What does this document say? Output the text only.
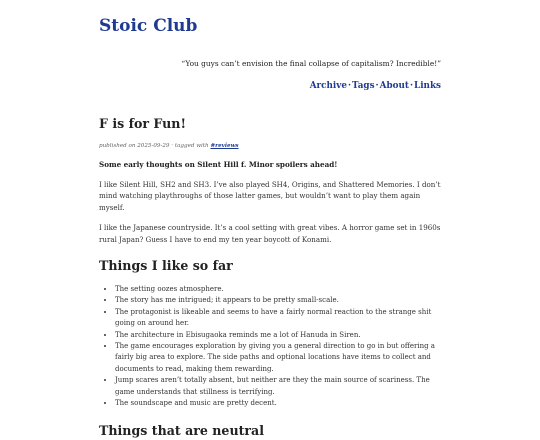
Stoic Club
“You guys can’t envision the final collapse of capitalism? Incredible!”
Archive·Tags·About·Links
F is for Fun!
published on 2025-09-29 · tagged with #reviews
Some early thoughts on Silent Hill f. Minor spoilers ahead!

I like Silent Hill, SH2 and SH3. I’ve also played SH4, Origins, and Shattered Memories. I don’t mind watching playthroughs of those latter games, but wouldn’t want to play them again myself.

I like the Japanese countryside. It’s a cool setting with great vibes. A horror game set in 1960s rural Japan? Guess I have to end my ten year boycott of Konami.

Things I like so far
• The setting oozes atmosphere.
• The story has me intrigued; it appears to be pretty small-scale.
• The protagonist is likeable and seems to have a fairly normal reaction to the strange shit going on around her.
• The architecture in Ebisugaoka reminds me a lot of Hanuda in Siren.
• The game encourages exploration by giving you a general direction to go in but offering a fairly big area to explore. The side paths and optional locations have items to collect and documents to read, making them rewarding.
• Jump scares aren’t totally absent, but neither are they the main source of scariness. The game understands that stillness is terrifying.
• The soundscape and music are pretty decent.
Things that are neutral
